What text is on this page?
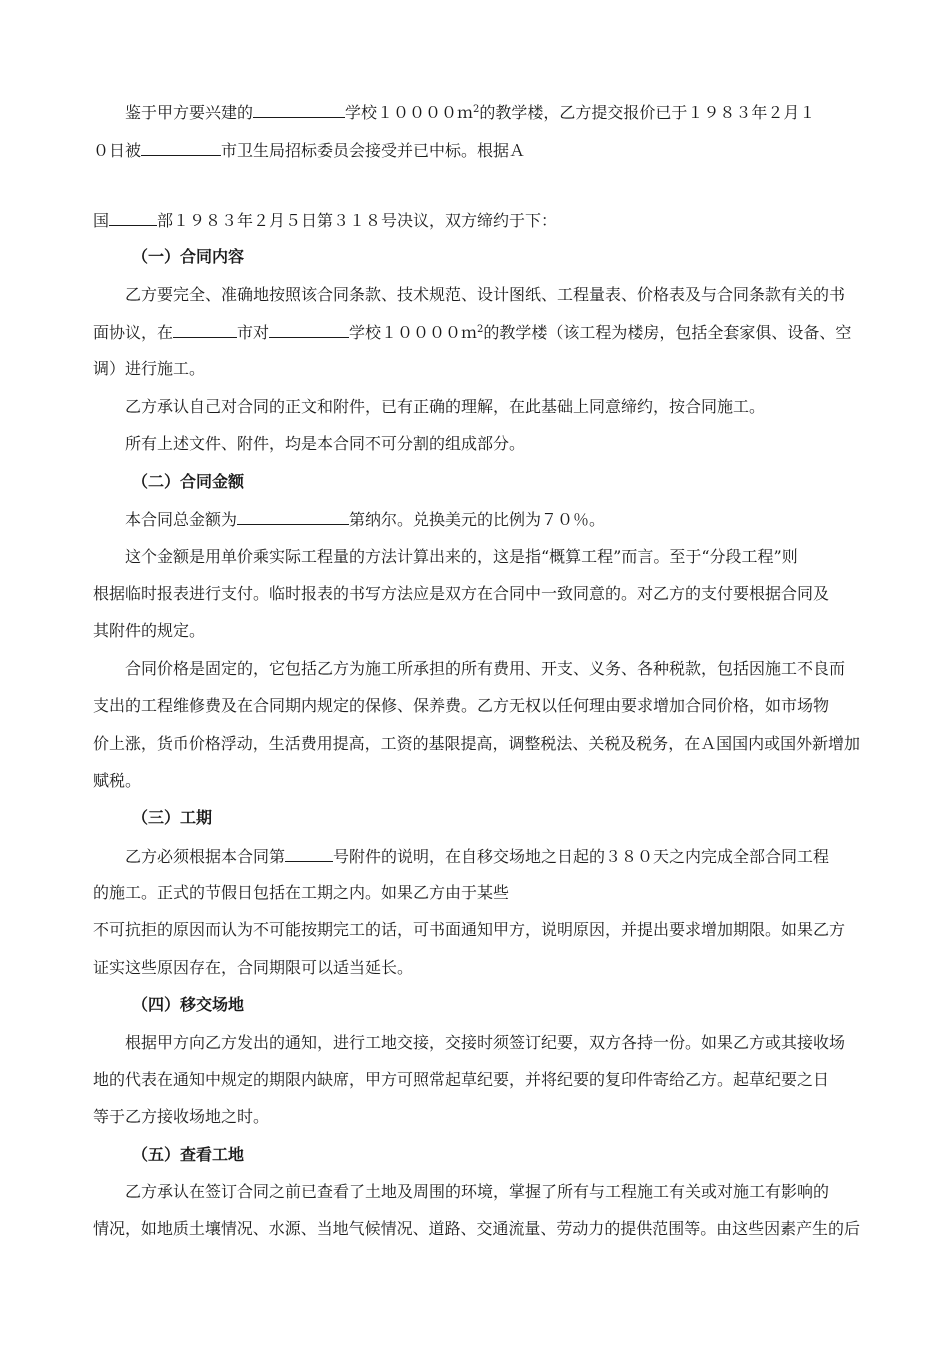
鉴于甲方要兴建的	学校１００００ｍ$^2$的教学楼，乙方提交报价已于１９８３年２月１
０日被	市卫生局招标委员会接受并已中标。根据Ａ
国	部１９８３年２月５日第３１８号决议，双方缔约于下：
（一）合同内容
乙方要完全、准确地按照该合同条款、技术规范、设计图纸、工程量表、价格表及与合同条款有关的书
面协议，在	市对	学校１００００ｍ$^2$的教学楼（该工程为楼房，包括全套家俱、设备、空
调）进行施工。
乙方承认自己对合同的正文和附件，已有正确的理解，在此基础上同意缔约，按合同施工。
所有上述文件、附件，均是本合同不可分割的组成部分。
（二）合同金额
本合同总金额为	第纳尔。兑换美元的比例为７０％。
这个金额是用单价乘实际工程量的方法计算出来的，这是指“概算工程”而言。至于“分段工程”则
根据临时报表进行支付。临时报表的书写方法应是双方在合同中一致同意的。对乙方的支付要根据合同及
其附件的规定。
合同价格是固定的，它包括乙方为施工所承担的所有费用、开支、义务、各种税款，包括因施工不良而
支出的工程维修费及在合同期内规定的保修、保养费。乙方无权以任何理由要求增加合同价格，如市场物
价上涨，货币价格浮动，生活费用提高，工资的基限提高，调整税法、关税及税务，在Ａ国国内或国外新增加
赋税。
（三）工期
乙方必须根据本合同第	号附件的说明，在自移交场地之日起的３８０天之内完成全部合同工程
的施工。正式的节假日包括在工期之内。如果乙方由于某些
不可抗拒的原因而认为不可能按期完工的话，可书面通知甲方，说明原因，并提出要求增加期限。如果乙方
证实这些原因存在，合同期限可以适当延长。
（四）移交场地
根据甲方向乙方发出的通知，进行工地交接，交接时须签订纪要，双方各持一份。如果乙方或其接收场
地的代表在通知中规定的期限内缺席，甲方可照常起草纪要，并将纪要的复印件寄给乙方。起草纪要之日
等于乙方接收场地之时。
（五）查看工地
乙方承认在签订合同之前已查看了土地及周围的环境，掌握了所有与工程施工有关或对施工有影响的
情况，如地质土壤情况、水源、当地气候情况、道路、交通流量、劳动力的提供范围等。由这些因素产生的后
